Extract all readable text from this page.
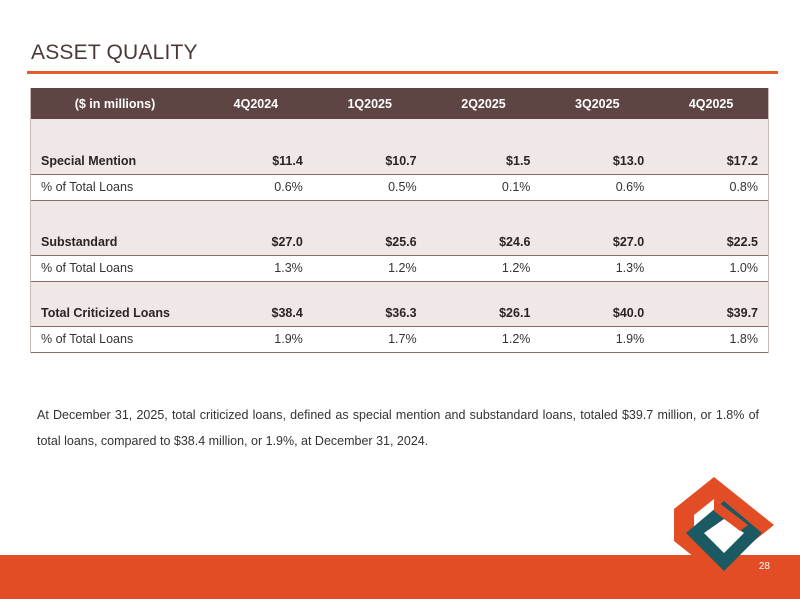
ASSET QUALITY
($ in millions)	4Q2024	1Q2025	2Q2025	3Q2025	4Q2025
Special Mention	$11.4	$10.7	$1.5	$13.0	$17.2
% of Total Loans	0.6%	0.5%	0.1%	0.6%	0.8%
Substandard	$27.0	$25.6	$24.6	$27.0	$22.5
% of Total Loans	1.3%	1.2%	1.2%	1.3%	1.0%
Total Criticized Loans	$38.4	$36.3	$26.1	$40.0	$39.7
% of Total Loans	1.9%	1.7%	1.2%	1.9%	1.8%
At December 31, 2025, total criticized loans, defined as special mention and substandard loans, totaled $39.7 million, or 1.8% of total loans, compared to $38.4 million, or 1.9%, at December 31, 2024.
28
